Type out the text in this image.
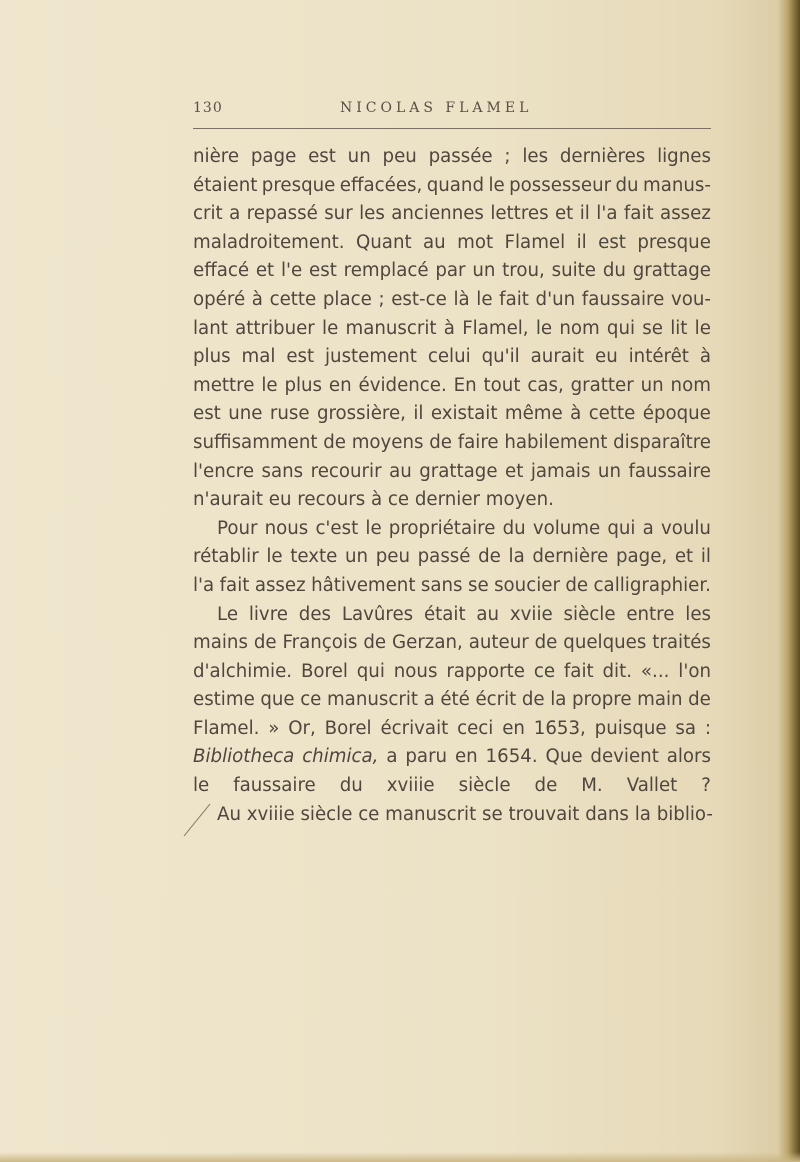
130	NICOLAS FLAMEL
nière page est un peu passée ; les dernières lignes
étaient presque effacées, quand le possesseur du manus-
crit a repassé sur les anciennes lettres et il l'a fait assez
maladroitement. Quant au mot Flamel il est presque
effacé et l'e est remplacé par un trou, suite du grattage
opéré à cette place ; est-ce là le fait d'un faussaire vou-
lant attribuer le manuscrit à Flamel, le nom qui se lit le
plus mal est justement celui qu'il aurait eu intérêt à
mettre le plus en évidence. En tout cas, gratter un nom
est une ruse grossière, il existait même à cette époque
suffisamment de moyens de faire habilement disparaître
l'encre sans recourir au grattage et jamais un faussaire
n'aurait eu recours à ce dernier moyen.
Pour nous c'est le propriétaire du volume qui a voulu
rétablir le texte un peu passé de la dernière page, et il
l'a fait assez hâtivement sans se soucier de calligraphier.
Le livre des Lavûres était au xviie siècle entre les
mains de François de Gerzan, auteur de quelques traités
d'alchimie. Borel qui nous rapporte ce fait dit. «... l'on
estime que ce manuscrit a été écrit de la propre main de
Flamel. » Or, Borel écrivait ceci en 1653, puisque sa :
Bibliotheca chimica, a paru en 1654. Que devient alors
le faussaire du xviiie siècle de M. Vallet ?
Au xviiie siècle ce manuscrit se trouvait dans la biblio-
